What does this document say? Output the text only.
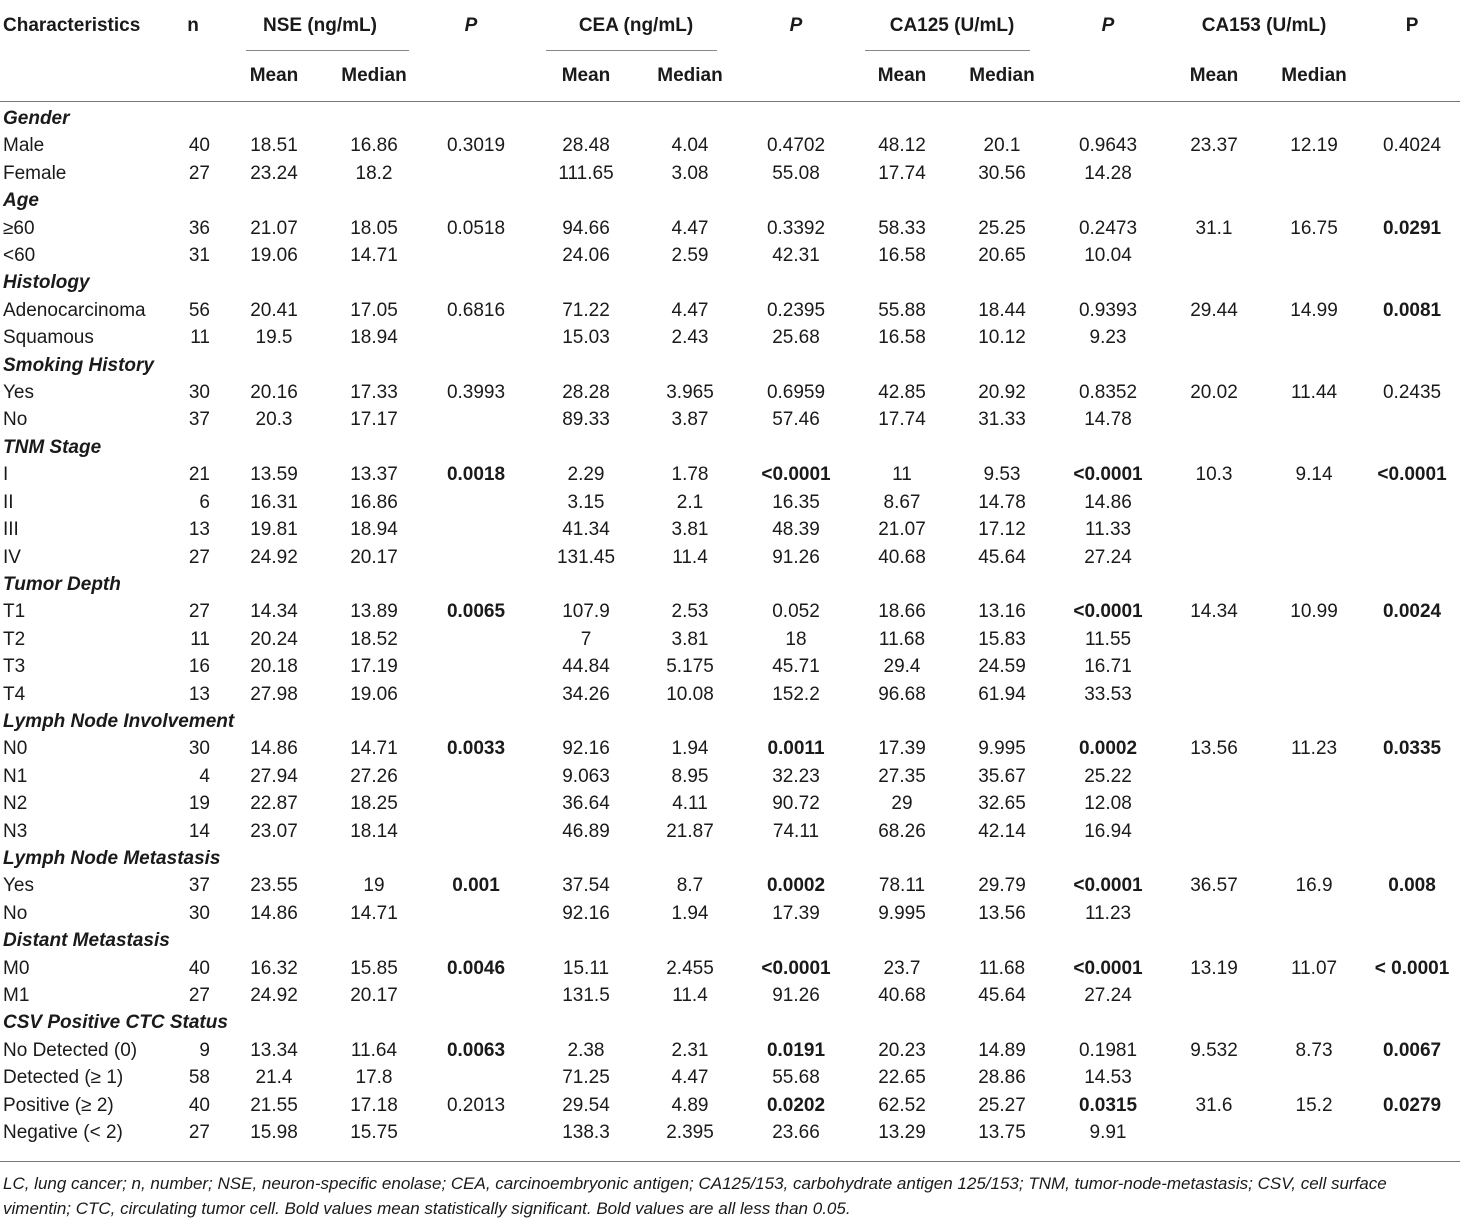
Characteristics	n	NSE (ng/mL)		P	CEA (ng/mL)		P	CA125 (U/mL)		P	CA153 (U/mL)		P
		Mean	Median		Mean	Median		Mean	Median		Mean	Median	

Gender													
Male	40	18.51	16.86	0.3019	28.48	4.04	0.4702	48.12	20.1	0.9643	23.37	12.19	0.4024
Female	27	23.24	18.2		111.65	3.08	55.08	17.74	30.56	14.28			
Age													
≥60	36	21.07	18.05	0.0518	94.66	4.47	0.3392	58.33	25.25	0.2473	31.1	16.75	0.0291
<60	31	19.06	14.71		24.06	2.59	42.31	16.58	20.65	10.04			
Histology													
Adenocarcinoma	56	20.41	17.05	0.6816	71.22	4.47	0.2395	55.88	18.44	0.9393	29.44	14.99	0.0081
Squamous	11	19.5	18.94		15.03	2.43	25.68	16.58	10.12	9.23			
Smoking History													
Yes	30	20.16	17.33	0.3993	28.28	3.965	0.6959	42.85	20.92	0.8352	20.02	11.44	0.2435
No	37	20.3	17.17		89.33	3.87	57.46	17.74	31.33	14.78			
TNM Stage													
I	21	13.59	13.37	0.0018	2.29	1.78	<0.0001	11	9.53	<0.0001	10.3	9.14	<0.0001
II	6	16.31	16.86		3.15	2.1	16.35	8.67	14.78	14.86			
III	13	19.81	18.94		41.34	3.81	48.39	21.07	17.12	11.33			
IV	27	24.92	20.17		131.45	11.4	91.26	40.68	45.64	27.24			
Tumor Depth													
T1	27	14.34	13.89	0.0065	107.9	2.53	0.052	18.66	13.16	<0.0001	14.34	10.99	0.0024
T2	11	20.24	18.52		7	3.81	18	11.68	15.83	11.55			
T3	16	20.18	17.19		44.84	5.175	45.71	29.4	24.59	16.71			
T4	13	27.98	19.06		34.26	10.08	152.2	96.68	61.94	33.53			
Lymph Node Involvement													
N0	30	14.86	14.71	0.0033	92.16	1.94	0.0011	17.39	9.995	0.0002	13.56	11.23	0.0335
N1	4	27.94	27.26		9.063	8.95	32.23	27.35	35.67	25.22			
N2	19	22.87	18.25		36.64	4.11	90.72	29	32.65	12.08			
N3	14	23.07	18.14		46.89	21.87	74.11	68.26	42.14	16.94			
Lymph Node Metastasis													
Yes	37	23.55	19	0.001	37.54	8.7	0.0002	78.11	29.79	<0.0001	36.57	16.9	0.008
No	30	14.86	14.71		92.16	1.94	17.39	9.995	13.56	11.23			
Distant Metastasis													
M0	40	16.32	15.85	0.0046	15.11	2.455	<0.0001	23.7	11.68	<0.0001	13.19	11.07	< 0.0001
M1	27	24.92	20.17		131.5	11.4	91.26	40.68	45.64	27.24			
CSV Positive CTC Status													
No Detected (0)	9	13.34	11.64	0.0063	2.38	2.31	0.0191	20.23	14.89	0.1981	9.532	8.73	0.0067
Detected (≥ 1)	58	21.4	17.8		71.25	4.47	55.68	22.65	28.86	14.53			
Positive (≥ 2)	40	21.55	17.18	0.2013	29.54	4.89	0.0202	62.52	25.27	0.0315	31.6	15.2	0.0279
Negative (< 2)	27	15.98	15.75		138.3	2.395	23.66	13.29	13.75	9.91			
LC, lung cancer; n, number; NSE, neuron-specific enolase; CEA, carcinoembryonic antigen; CA125/153, carbohydrate antigen 125/153; TNM, tumor-node-metastasis; CSV, cell surface vimentin; CTC, circulating tumor cell. Bold values mean statistically significant. Bold values are all less than 0.05.
